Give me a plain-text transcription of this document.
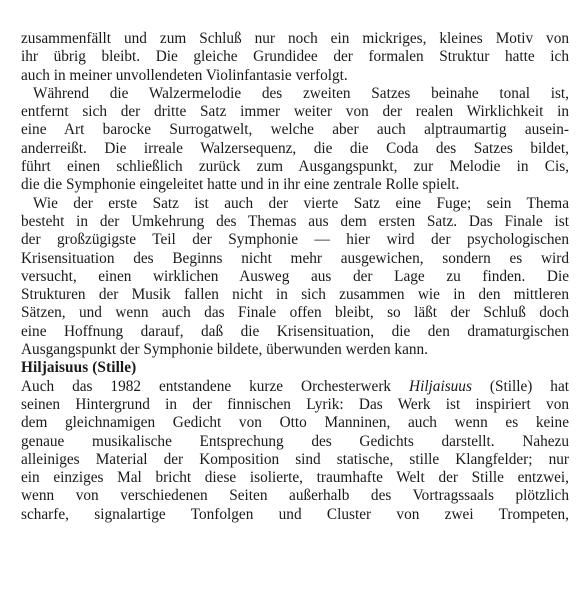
zusammenfällt und zum Schluß nur noch ein mickriges, kleines Motiv von
ihr übrig bleibt. Die gleiche Grundidee der formalen Struktur hatte ich
auch in meiner unvollendeten Violinfantasie verfolgt.
Während die Walzermelodie des zweiten Satzes beinahe tonal ist,
entfernt sich der dritte Satz immer weiter von der realen Wirklichkeit in
eine Art barocke Surrogatwelt, welche aber auch alptraumartig ausein-
anderreißt. Die irreale Walzersequenz, die die Coda des Satzes bildet,
führt einen schließlich zurück zum Ausgangspunkt, zur Melodie in Cis,
die die Symphonie eingeleitet hatte und in ihr eine zentrale Rolle spielt.
Wie der erste Satz ist auch der vierte Satz eine Fuge; sein Thema
besteht in der Umkehrung des Themas aus dem ersten Satz. Das Finale ist
der großzügigste Teil der Symphonie — hier wird der psychologischen
Krisensituation des Beginns nicht mehr ausgewichen, sondern es wird
versucht, einen wirklichen Ausweg aus der Lage zu finden. Die
Strukturen der Musik fallen nicht in sich zusammen wie in den mittleren
Sätzen, und wenn auch das Finale offen bleibt, so läßt der Schluß doch
eine Hoffnung darauf, daß die Krisensituation, die den dramaturgischen
Ausgangspunkt der Symphonie bildete, überwunden werden kann.
Hiljaisuus (Stille)
Auch das 1982 entstandene kurze Orchesterwerk Hiljaisuus (Stille) hat
seinen Hintergrund in der finnischen Lyrik: Das Werk ist inspiriert von
dem gleichnamigen Gedicht von Otto Manninen, auch wenn es keine
genaue musikalische Entsprechung des Gedichts darstellt. Nahezu
alleiniges Material der Komposition sind statische, stille Klangfelder; nur
ein einziges Mal bricht diese isolierte, traumhafte Welt der Stille entzwei,
wenn von verschiedenen Seiten außerhalb des Vortragssaals plötzlich
scharfe, signalartige Tonfolgen und Cluster von zwei Trompeten,
